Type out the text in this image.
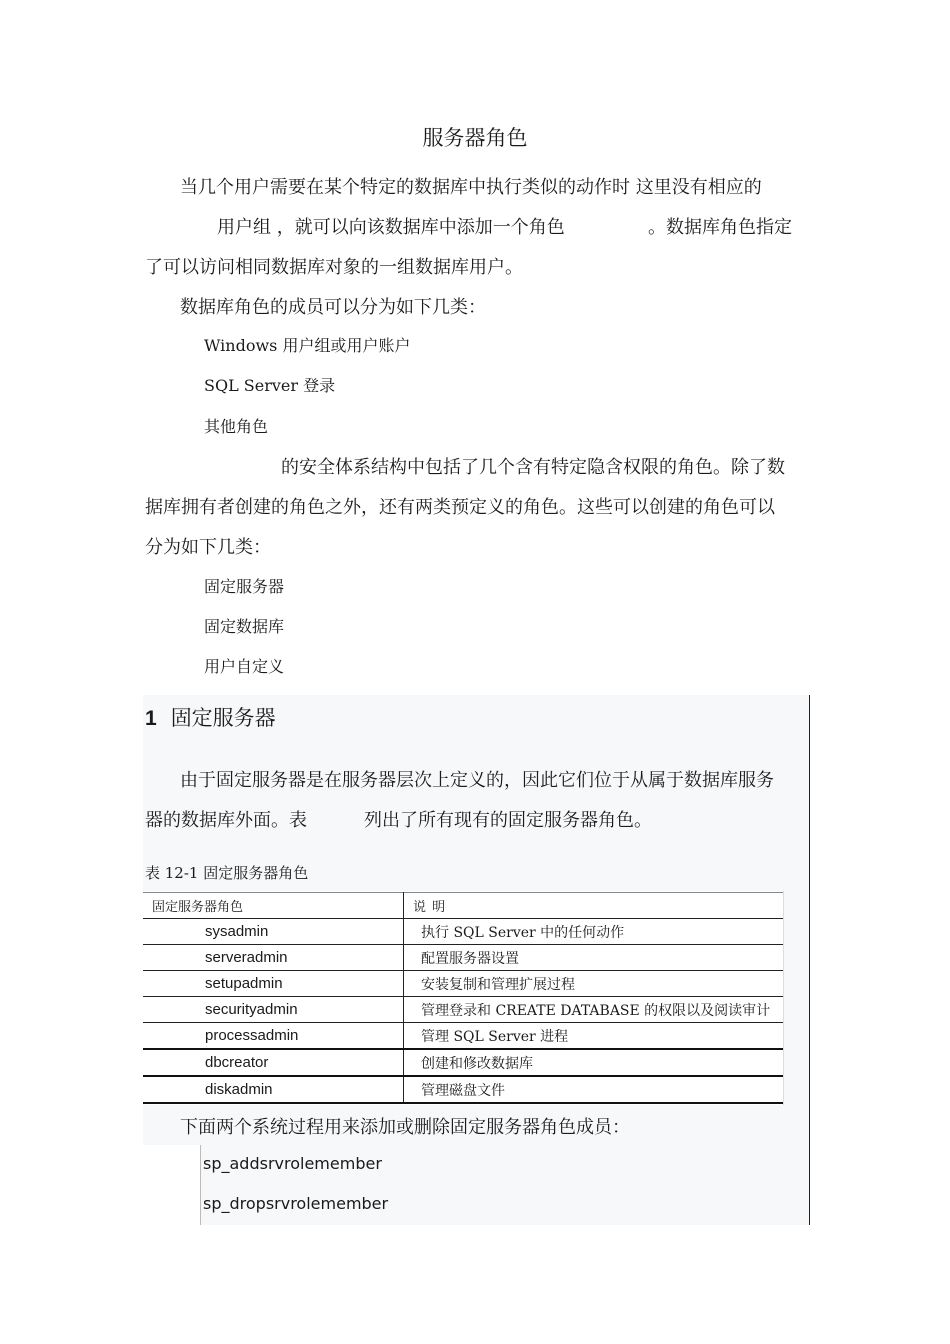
服务器角色
当几个用户需要在某个特定的数据库中执行类似的动作时 这里没有相应的
用户组 ，就可以向该数据库中添加一个角色	。数据库角色指定
了可以访问相同数据库对象的一组数据库用户。
数据库角色的成员可以分为如下几类：
Windows 用户组或用户账户
SQL Server 登录
其他角色
的安全体系结构中包括了几个含有特定隐含权限的角色。除了数
据库拥有者创建的角色之外，还有两类预定义的角色。这些可以创建的角色可以
分为如下几类：
固定服务器
固定数据库
用户自定义
1 固定服务器
由于固定服务器是在服务器层次上定义的，因此它们位于从属于数据库服务
器的数据库外面。表	列出了所有现有的固定服务器角色。
表 12-1 固定服务器角色
固定服务器角色	说 明
sysadmin	执行 SQL Server 中的任何动作
serveradmin	配置服务器设置
setupadmin	安装复制和管理扩展过程
securityadmin	管理登录和 CREATE DATABASE 的权限以及阅读审计
processadmin	管理 SQL Server 进程
dbcreator	创建和修改数据库
diskadmin	管理磁盘文件
下面两个系统过程用来添加或删除固定服务器角色成员：
sp_addsrvrolemember
sp_dropsrvrolemember
